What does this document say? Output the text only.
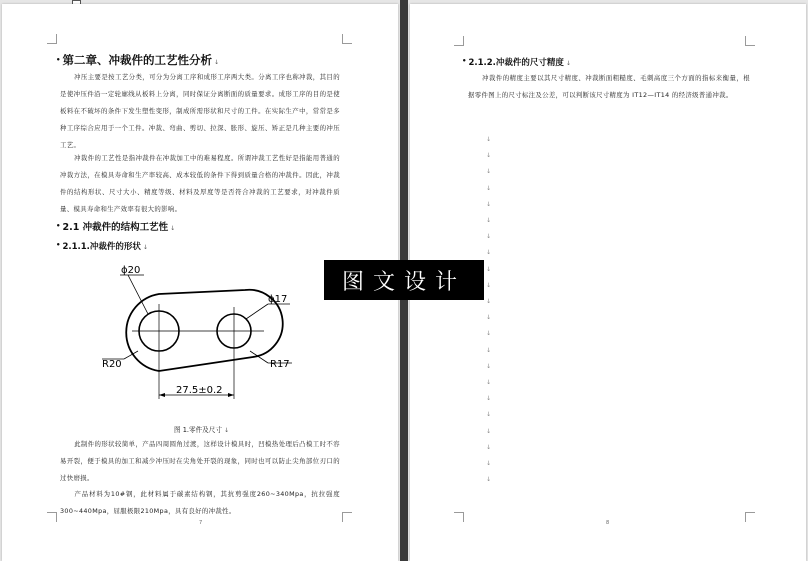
• 第二章、冲裁件的工艺性分析 ↓
冲压主要是按工艺分类，可分为分离工序和成形工序两大类。分离工序也称冲裁，其目的是使冲压件沿一定轮廓线从板料上分离，同时保证分离断面的质量要求。成形工序的目的是使板料在不破坏的条件下发生塑性变形，制成所需形状和尺寸的工件。在实际生产中，常常是多种工序综合应用于一个工件。冲裁、弯曲、剪切、拉深、胀形、旋压、矫正是几种主要的冲压工艺。
冲裁件的工艺性是指冲裁件在冲裁加工中的难易程度。所谓冲裁工艺性好是指能用普通的冲裁方法，在模具寿命和生产率较高、成本较低的条件下得到质量合格的冲裁件。因此，冲裁件的结构形状、尺寸大小、精度等级、材料及厚度等是否符合冲裁的工艺要求，对冲裁件质量、模具寿命和生产效率有很大的影响。
• 2.1 冲裁件的结构工艺性 ↓
• 2.1.1.冲裁件的形状 ↓
ϕ20
ϕ17
R20	R17
27.5±0.2
图 1.零件及尺寸 ↓
此制件的形状较简单，产品四周圆角过渡，这样设计模具时，凹模热处理后凸模工时不容易开裂，便于模具的加工和减少冲压时在尖角处开裂的现象，同时也可以防止尖角部位刃口的过快磨损。
产品材料为10#钢，此材料属于碳素结构钢，其抗剪强度260~340Mpa，抗拉强度300~440Mpa，屈服极限210Mpa，具有良好的冲裁性。
7
• 2.1.2.冲裁件的尺寸精度 ↓
冲裁件的精度主要以其尺寸精度、冲裁断面粗糙度、毛刺高度三个方面的指标来衡量，根据零件图上的尺寸标注及公差，可以判断该尺寸精度为 IT12—IT14 的经济级普通冲裁。
8
↓
↓
↓
↓
↓
↓
↓
↓
↓
↓
↓
↓
↓
↓
↓
↓
↓
↓
↓
↓
↓
↓
图文设计
